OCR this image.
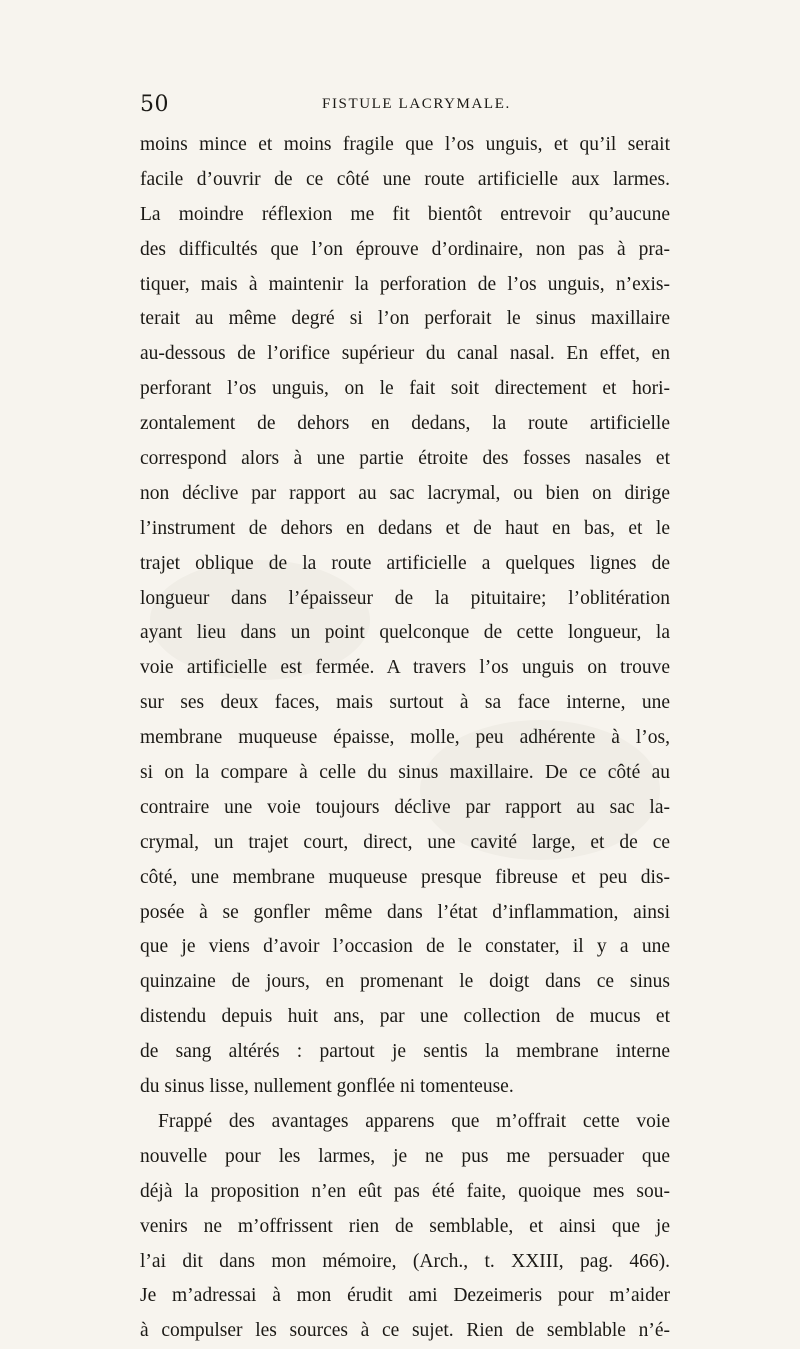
50	FISTULE LACRYMALE.
moins mince et moins fragile que l’os unguis, et qu’il serait
facile d’ouvrir de ce côté une route artificielle aux larmes.
La moindre réflexion me fit bientôt entrevoir qu’aucune
des difficultés que l’on éprouve d’ordinaire, non pas à pra-
tiquer, mais à maintenir la perforation de l’os unguis, n’exis-
terait au même degré si l’on perforait le sinus maxillaire
au-dessous de l’orifice supérieur du canal nasal. En effet, en
perforant l’os unguis, on le fait soit directement et hori-
zontalement de dehors en dedans, la route artificielle
correspond alors à une partie étroite des fosses nasales et
non déclive par rapport au sac lacrymal, ou bien on dirige
l’instrument de dehors en dedans et de haut en bas, et le
trajet oblique de la route artificielle a quelques lignes de
longueur dans l’épaisseur de la pituitaire; l’oblitération
ayant lieu dans un point quelconque de cette longueur, la
voie artificielle est fermée. A travers l’os unguis on trouve
sur ses deux faces, mais surtout à sa face interne, une
membrane muqueuse épaisse, molle, peu adhérente à l’os,
si on la compare à celle du sinus maxillaire. De ce côté au
contraire une voie toujours déclive par rapport au sac la-
crymal, un trajet court, direct, une cavité large, et de ce
côté, une membrane muqueuse presque fibreuse et peu dis-
posée à se gonfler même dans l’état d’inflammation, ainsi
que je viens d’avoir l’occasion de le constater, il y a une
quinzaine de jours, en promenant le doigt dans ce sinus
distendu depuis huit ans, par une collection de mucus et
de sang altérés : partout je sentis la membrane interne
du sinus lisse, nullement gonflée ni tomenteuse.
Frappé des avantages apparens que m’offrait cette voie
nouvelle pour les larmes, je ne pus me persuader que
déjà la proposition n’en eût pas été faite, quoique mes sou-
venirs ne m’offrissent rien de semblable, et ainsi que je
l’ai dit dans mon mémoire, (Arch., t. XXIII, pag. 466).
Je m’adressai à mon érudit ami Dezeimeris pour m’aider
à compulser les sources à ce sujet. Rien de semblable n’é-
